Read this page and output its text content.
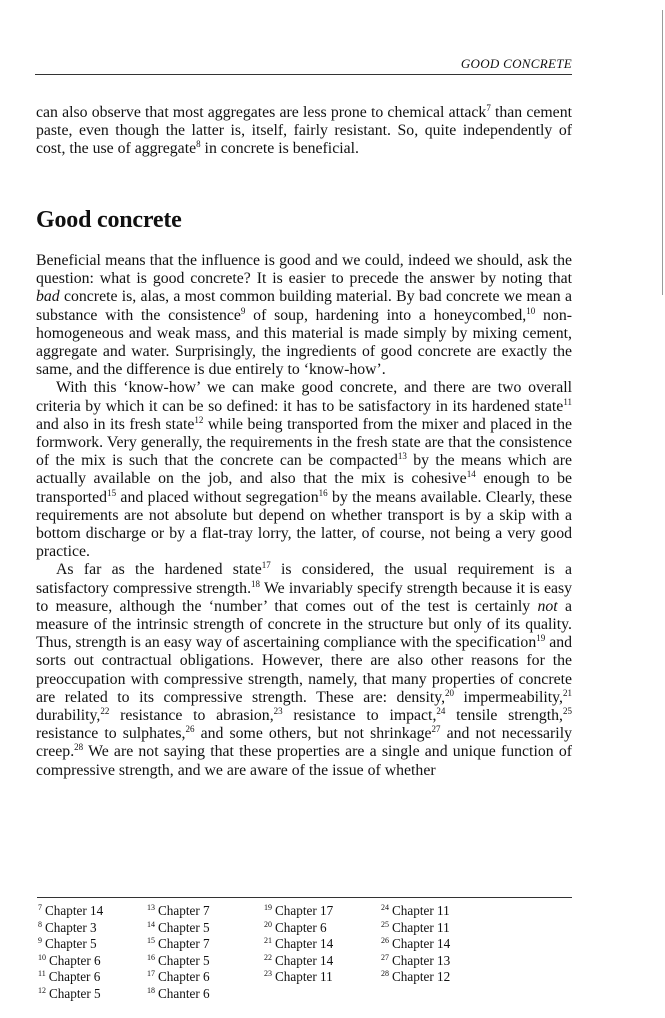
GOOD CONCRETE

can also observe that most aggregates are less prone to chemical attack$^7$ than cement paste, even though the latter is, itself, fairly resistant. So, quite independently of cost, the use of aggregate$^8$ in concrete is beneficial.

Good concrete

Beneficial means that the influence is good and we could, indeed we should, ask the question: what is good concrete? It is easier to precede the answer by noting that bad concrete is, alas, a most common building material. By bad concrete we mean a substance with the consistence$^9$ of soup, hardening into a honeycombed,$^{10}$ non-homogeneous and weak mass, and this material is made simply by mixing cement, aggregate and water. Surprisingly, the ingredients of good concrete are exactly the same, and the difference is due entirely to ‘know-how’.

With this ‘know-how’ we can make good concrete, and there are two overall criteria by which it can be so defined: it has to be satisfactory in its hardened state$^{11}$ and also in its fresh state$^{12}$ while being transported from the mixer and placed in the formwork. Very generally, the requirements in the fresh state are that the consistence of the mix is such that the concrete can be compacted$^{13}$ by the means which are actually available on the job, and also that the mix is cohesive$^{14}$ enough to be transported$^{15}$ and placed without segregation$^{16}$ by the means available. Clearly, these requirements are not absolute but depend on whether transport is by a skip with a bottom discharge or by a flat-tray lorry, the latter, of course, not being a very good practice.

As far as the hardened state$^{17}$ is considered, the usual requirement is a satisfactory compressive strength.$^{18}$ We invariably specify strength because it is easy to measure, although the ‘number’ that comes out of the test is certainly not a measure of the intrinsic strength of concrete in the structure but only of its quality. Thus, strength is an easy way of ascertaining compliance with the specification$^{19}$ and sorts out contractual obligations. However, there are also other reasons for the preoccupation with compressive strength, namely, that many properties of concrete are related to its compressive strength. These are: density,$^{20}$ impermeability,$^{21}$ durability,$^{22}$ resistance to abrasion,$^{23}$ resistance to impact,$^{24}$ tensile strength,$^{25}$ resistance to sulphates,$^{26}$ and some others, but not shrinkage$^{27}$ and not necessarily creep.$^{28}$ We are not saying that these properties are a single and unique function of compressive strength, and we are aware of the issue of whether

$^7$ Chapter 14
$^8$ Chapter 3
$^9$ Chapter 5
$^{10}$ Chapter 6
$^{11}$ Chapter 6
$^{12}$ Chapter 5
$^{13}$ Chapter 7
$^{14}$ Chapter 5
$^{15}$ Chapter 7
$^{16}$ Chapter 5
$^{17}$ Chapter 6
$^{18}$ Chanter 6
$^{19}$ Chapter 17
$^{20}$ Chapter 6
$^{21}$ Chapter 14
$^{22}$ Chapter 14
$^{23}$ Chapter 11
$^{24}$ Chapter 11
$^{25}$ Chapter 11
$^{26}$ Chapter 14
$^{27}$ Chapter 13
$^{28}$ Chapter 12
